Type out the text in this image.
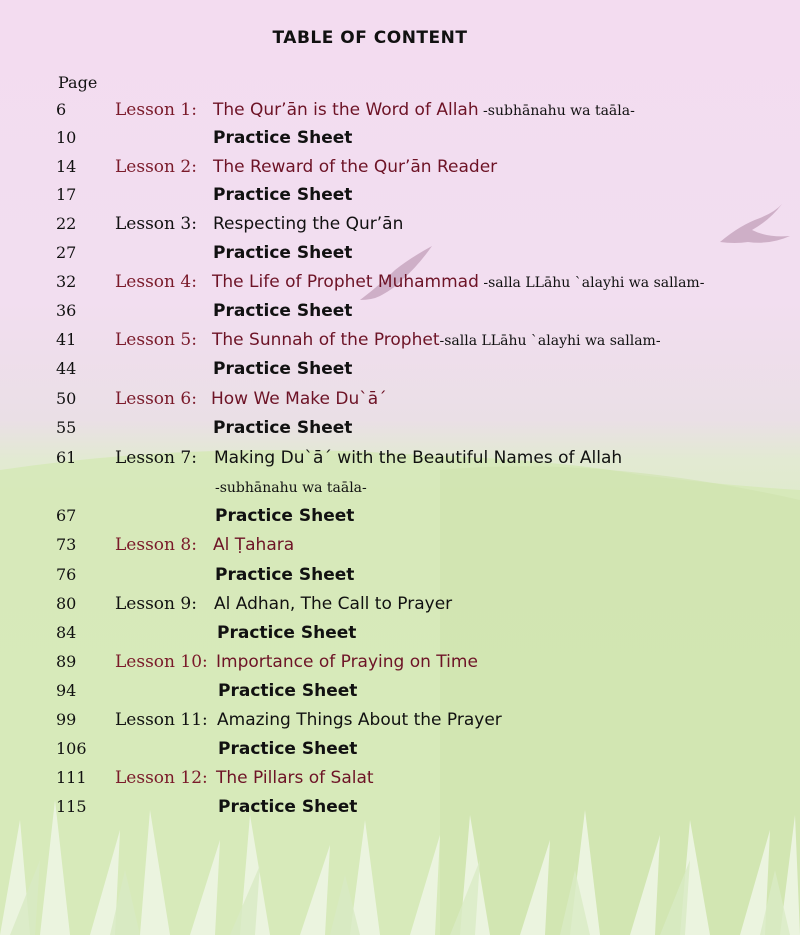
TABLE OF CONTENT
Page
6	Lesson 1: The Qur’ān is the Word of Allah -subhānahu wa taāla-
10	Practice Sheet
14	Lesson 2: The Reward of the Qur’ān Reader
17	Practice Sheet
22	Lesson 3: Respecting the Qur’ān
27	Practice Sheet
32	Lesson 4: The Life of Prophet Muhammad -salla LLāhu `alayhi wa sallam-
36	Practice Sheet
41	Lesson 5: The Sunnah of the Prophet-salla LLāhu `alayhi wa sallam-
44	Practice Sheet
50	Lesson 6: How We Make Du`ā´
55	Practice Sheet
61	Lesson 7: Making Du`ā´ with the Beautiful Names of Allah
-subhānahu wa taāla-
67	Practice Sheet
73	Lesson 8: Al Ṭahara
76	Practice Sheet
80	Lesson 9: Al Adhan, The Call to Prayer
84	Practice Sheet
89	Lesson 10: Importance of Praying on Time
94	Practice Sheet
99	Lesson 11: Amazing Things About the Prayer
106	Practice Sheet
111	Lesson 12: The Pillars of Salat
115	Practice Sheet
